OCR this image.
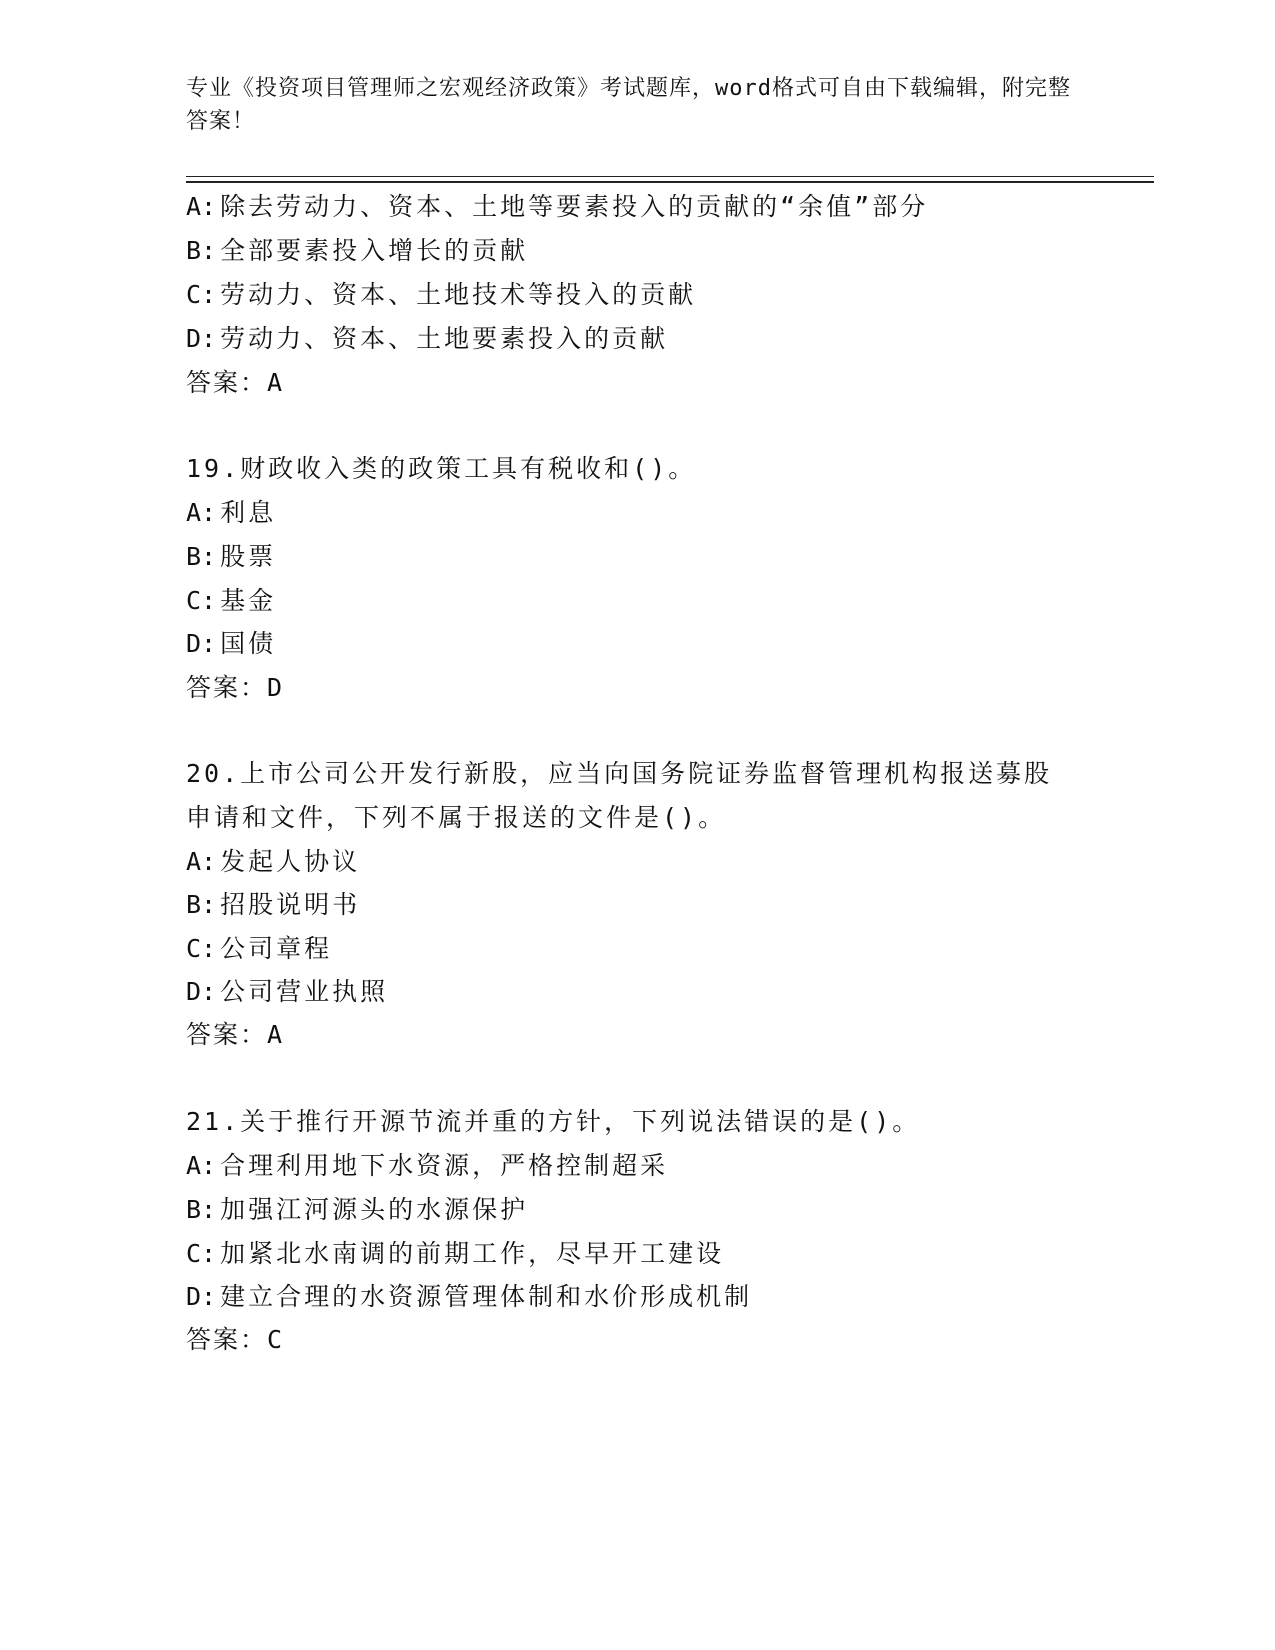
专业《投资项目管理师之宏观经济政策》考试题库，word格式可自由下载编辑，附完整答案！
A: 除去劳动力、资本、土地等要素投入的贡献的“余值”部分
B: 全部要素投入增长的贡献
C: 劳动力、资本、土地技术等投入的贡献
D: 劳动力、资本、土地要素投入的贡献
答案：A
19.财政收入类的政策工具有税收和()。
A: 利息
B: 股票
C: 基金
D: 国债
答案：D
20.上市公司公开发行新股，应当向国务院证券监督管理机构报送募股
申请和文件，下列不属于报送的文件是()。
A: 发起人协议
B: 招股说明书
C: 公司章程
D: 公司营业执照
答案：A
21.关于推行开源节流并重的方针，下列说法错误的是()。
A: 合理利用地下水资源，严格控制超采
B: 加强江河源头的水源保护
C: 加紧北水南调的前期工作，尽早开工建设
D: 建立合理的水资源管理体制和水价形成机制
答案：C
